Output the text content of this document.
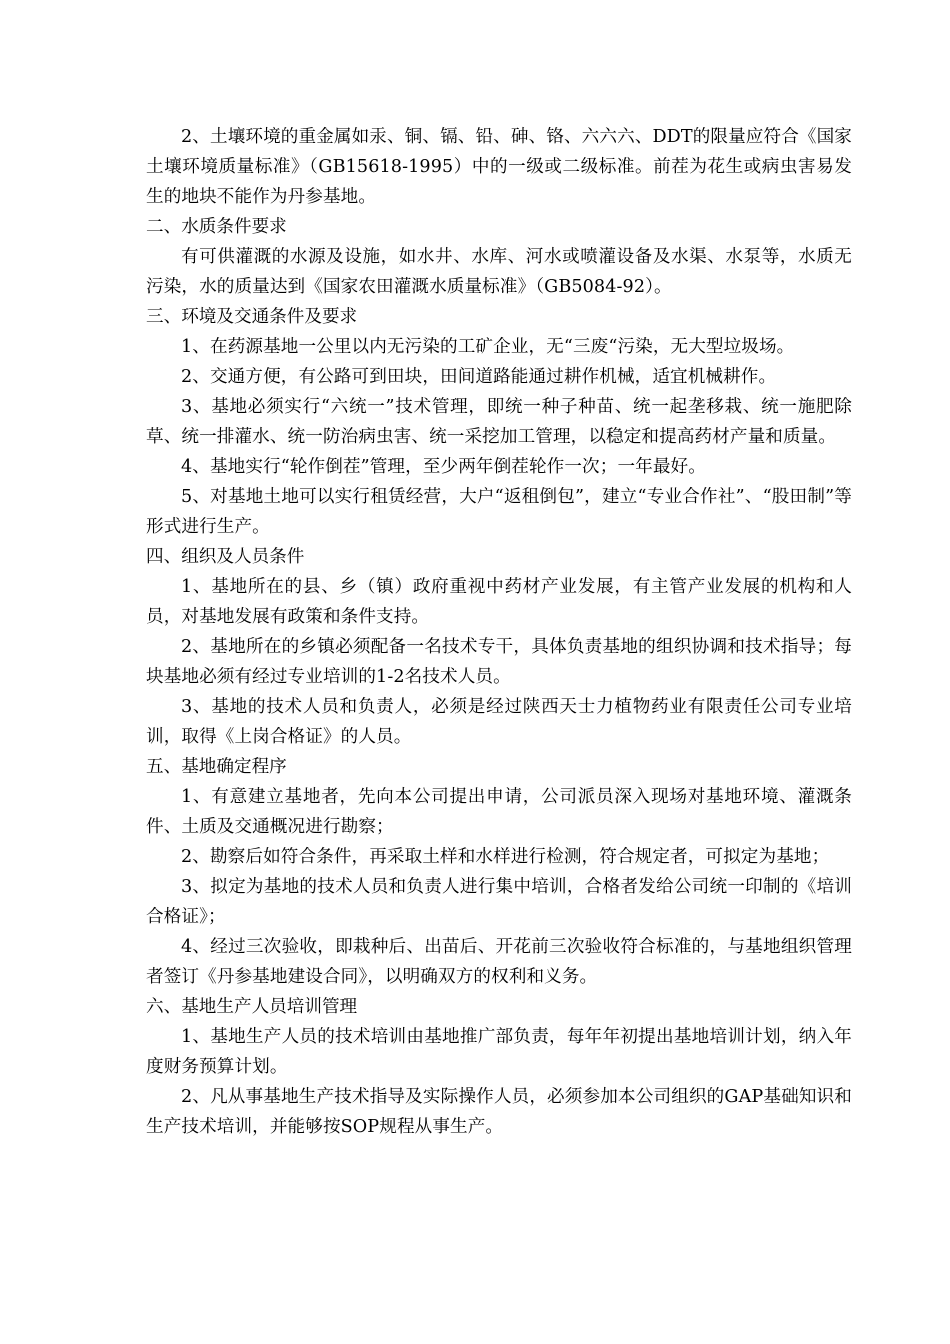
2、土壤环境的重金属如汞、铜、镉、铅、砷、铬、六六六、DDT的限量应符合《国家土壤环境质量标准》（GB15618-1995）中的一级或二级标准。前茬为花生或病虫害易发生的地块不能作为丹参基地。

二、水质条件要求

有可供灌溉的水源及设施，如水井、水库、河水或喷灌设备及水渠、水泵等，水质无污染，水的质量达到《国家农田灌溉水质量标准》（GB5084-92）。

三、环境及交通条件及要求

1、在药源基地一公里以内无污染的工矿企业，无“三废“污染，无大型垃圾场。

2、交通方便，有公路可到田块，田间道路能通过耕作机械，适宜机械耕作。

3、基地必须实行“六统一”技术管理，即统一种子种苗、统一起垄移栽、统一施肥除草、统一排灌水、统一防治病虫害、统一采挖加工管理，以稳定和提高药材产量和质量。

4、基地实行“轮作倒茬”管理，至少两年倒茬轮作一次；一年最好。

5、对基地土地可以实行租赁经营，大户“返租倒包”，建立“专业合作社”、“股田制”等形式进行生产。

四、组织及人员条件

1、基地所在的县、乡（镇）政府重视中药材产业发展，有主管产业发展的机构和人员，对基地发展有政策和条件支持。

2、基地所在的乡镇必须配备一名技术专干，具体负责基地的组织协调和技术指导；每块基地必须有经过专业培训的1-2名技术人员。

3、基地的技术人员和负责人，必须是经过陕西天士力植物药业有限责任公司专业培训，取得《上岗合格证》的人员。

五、基地确定程序

1、有意建立基地者，先向本公司提出申请，公司派员深入现场对基地环境、灌溉条件、土质及交通概况进行勘察；

2、勘察后如符合条件，再采取土样和水样进行检测，符合规定者，可拟定为基地；

3、拟定为基地的技术人员和负责人进行集中培训，合格者发给公司统一印制的《培训合格证》；

4、经过三次验收，即栽种后、出苗后、开花前三次验收符合标准的，与基地组织管理者签订《丹参基地建设合同》，以明确双方的权利和义务。

六、基地生产人员培训管理

1、基地生产人员的技术培训由基地推广部负责，每年年初提出基地培训计划，纳入年度财务预算计划。

2、凡从事基地生产技术指导及实际操作人员，必须参加本公司组织的GAP基础知识和生产技术培训，并能够按SOP规程从事生产。
